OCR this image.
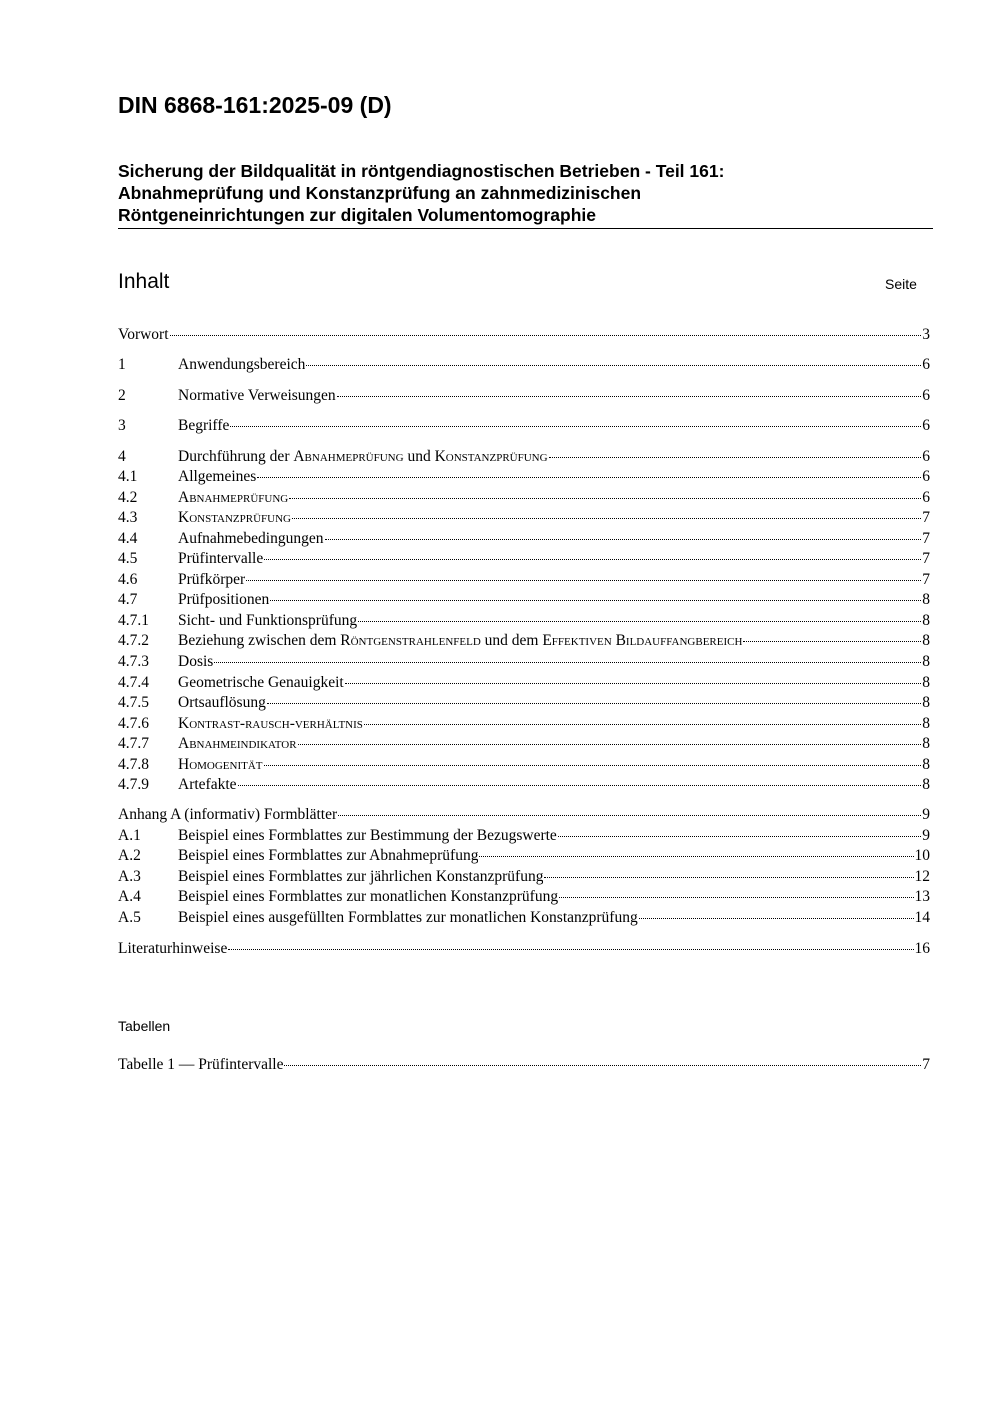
DIN 6868-161:2025-09 (D)
Sicherung der Bildqualität in röntgendiagnostischen Betrieben - Teil 161:
Abnahmeprüfung und Konstanzprüfung an zahnmedizinischen
Röntgeneinrichtungen zur digitalen Volumentomographie
Inhalt	Seite
Vorwort	3
1	Anwendungsbereich	6
2	Normative Verweisungen	6
3	Begriffe	6
4	Durchführung der Abnahmeprüfung und Konstanzprüfung	6
4.1	Allgemeines	6
4.2	Abnahmeprüfung	6
4.3	Konstanzprüfung	7
4.4	Aufnahmebedingungen	7
4.5	Prüfintervalle	7
4.6	Prüfkörper	7
4.7	Prüfpositionen	8
4.7.1	Sicht- und Funktionsprüfung	8
4.7.2	Beziehung zwischen dem Röntgenstrahlenfeld und dem Effektiven Bildauffangbereich	8
4.7.3	Dosis	8
4.7.4	Geometrische Genauigkeit	8
4.7.5	Ortsauflösung	8
4.7.6	Kontrast-rausch-verhältnis	8
4.7.7	Abnahmeindikator	8
4.7.8	Homogenität	8
4.7.9	Artefakte	8
Anhang A (informativ) Formblätter	9
A.1	Beispiel eines Formblattes zur Bestimmung der Bezugswerte	9
A.2	Beispiel eines Formblattes zur Abnahmeprüfung	10
A.3	Beispiel eines Formblattes zur jährlichen Konstanzprüfung	12
A.4	Beispiel eines Formblattes zur monatlichen Konstanzprüfung	13
A.5	Beispiel eines ausgefüllten Formblattes zur monatlichen Konstanzprüfung	14
Literaturhinweise	16
Tabellen
Tabelle 1 — Prüfintervalle	7
